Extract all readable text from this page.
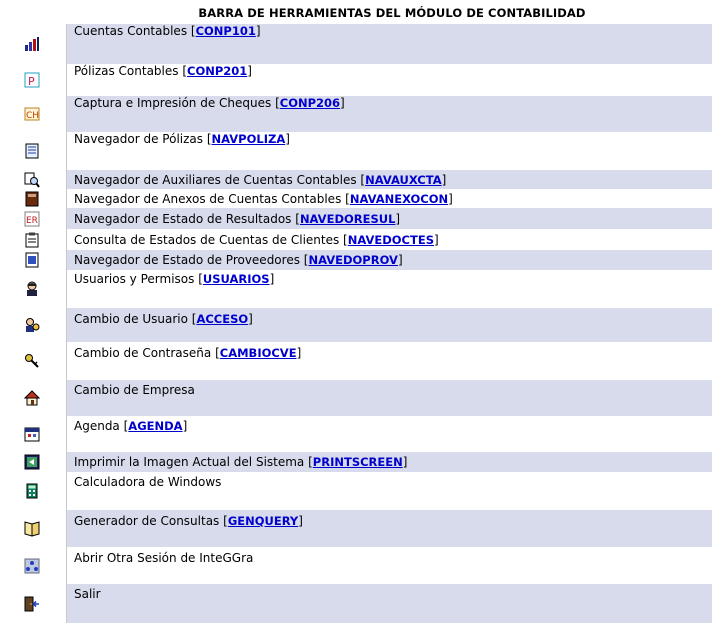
BARRA DE HERRAMIENTAS DEL MÓDULO DE CONTABILIDAD
Cuentas Contables [CONP101]
P
Pólizas Contables [CONP201]
CH
Captura e Impresión de Cheques [CONP206]
Navegador de Pólizas [NAVPOLIZA]
Navegador de Auxiliares de Cuentas Contables [NAVAUXCTA]
Navegador de Anexos de Cuentas Contables [NAVANEXOCON]
ER	Navegador de Estado de Resultados [NAVEDORESUL]
Consulta de Estados de Cuentas de Clientes [NAVEDOCTES]
Navegador de Estado de Proveedores [NAVEDOPROV]
Usuarios y Permisos [USUARIOS]
Cambio de Usuario [ACCESO]
Cambio de Contraseña [CAMBIOCVE]
Cambio de Empresa
Agenda [AGENDA]
Imprimir la Imagen Actual del Sistema [PRINTSCREEN]
Calculadora de Windows
Generador de Consultas [GENQUERY]
Abrir Otra Sesión de InteGGra
Salir
